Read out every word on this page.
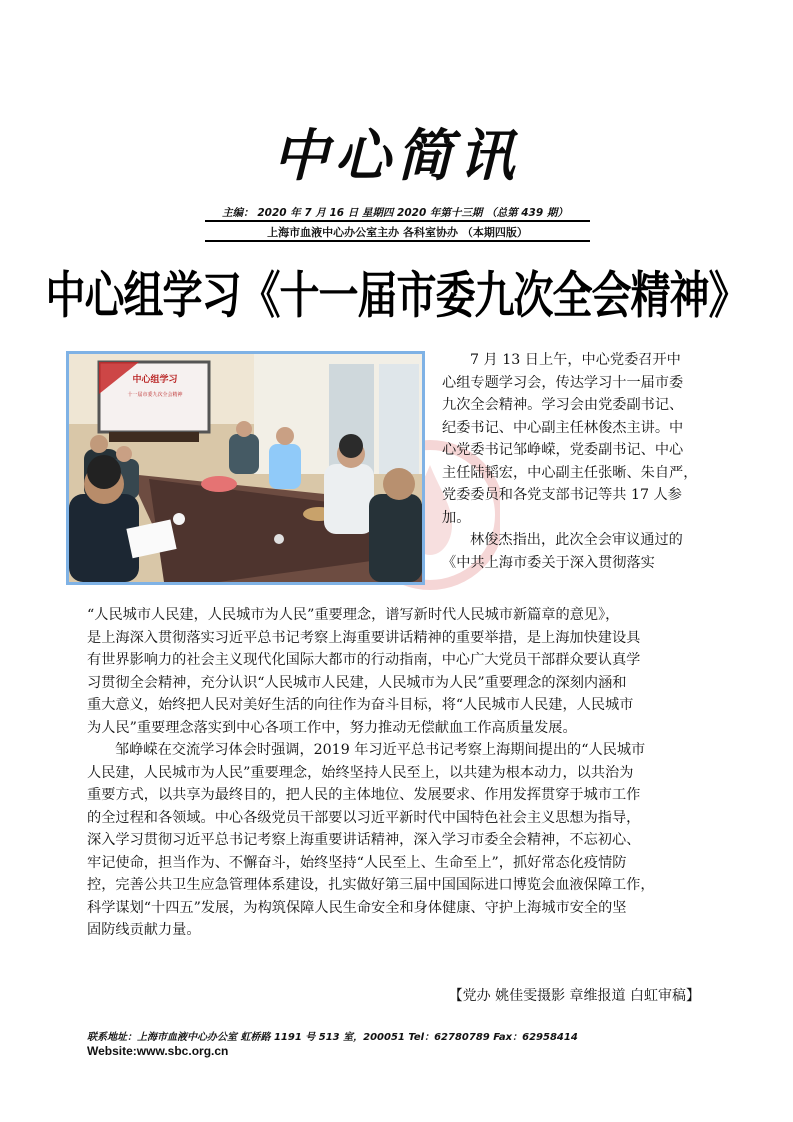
中心简讯
主编： 2020 年 7 月 16 日 星期四 2020 年第十三期 （总第 439 期）
上海市血液中心办公室主办 各科室协办 （本期四版）
中心组学习《十一届市委九次全会精神》
中心组学习
十一届市委九次全会精神
7 月 13 日上午，中心党委召开中
心组专题学习会，传达学习十一届市委
九次全会精神。学习会由党委副书记、
纪委书记、中心副主任林俊杰主讲。中
心党委书记邹峥嵘，党委副书记、中心
主任陆韬宏，中心副主任张晰、朱自严，
党委委员和各党支部书记等共 17 人参
加。
林俊杰指出，此次全会审议通过的
《中共上海市委关于深入贯彻落实
“人民城市人民建，人民城市为人民”重要理念，谱写新时代人民城市新篇章的意见》，
是上海深入贯彻落实习近平总书记考察上海重要讲话精神的重要举措，是上海加快建设具
有世界影响力的社会主义现代化国际大都市的行动指南，中心广大党员干部群众要认真学
习贯彻全会精神，充分认识“人民城市人民建，人民城市为人民”重要理念的深刻内涵和
重大意义，始终把人民对美好生活的向往作为奋斗目标，将“人民城市人民建，人民城市
为人民”重要理念落实到中心各项工作中，努力推动无偿献血工作高质量发展。
邹峥嵘在交流学习体会时强调，2019 年习近平总书记考察上海期间提出的“人民城市
人民建，人民城市为人民”重要理念，始终坚持人民至上，以共建为根本动力，以共治为
重要方式，以共享为最终目的，把人民的主体地位、发展要求、作用发挥贯穿于城市工作
的全过程和各领域。中心各级党员干部要以习近平新时代中国特色社会主义思想为指导，
深入学习贯彻习近平总书记考察上海重要讲话精神，深入学习市委全会精神，不忘初心、
牢记使命，担当作为、不懈奋斗，始终坚持“人民至上、生命至上”，抓好常态化疫情防
控，完善公共卫生应急管理体系建设，扎实做好第三届中国国际进口博览会血液保障工作，
科学谋划“十四五”发展，为构筑保障人民生命安全和身体健康、守护上海城市安全的坚
固防线贡献力量。
【党办 姚佳雯摄影 章维报道 白虹审稿】
联系地址：上海市血液中心办公室 虹桥路 1191 号 513 室，200051 Tel：62780789 Fax：62958414
Website:www.sbc.org.cn
